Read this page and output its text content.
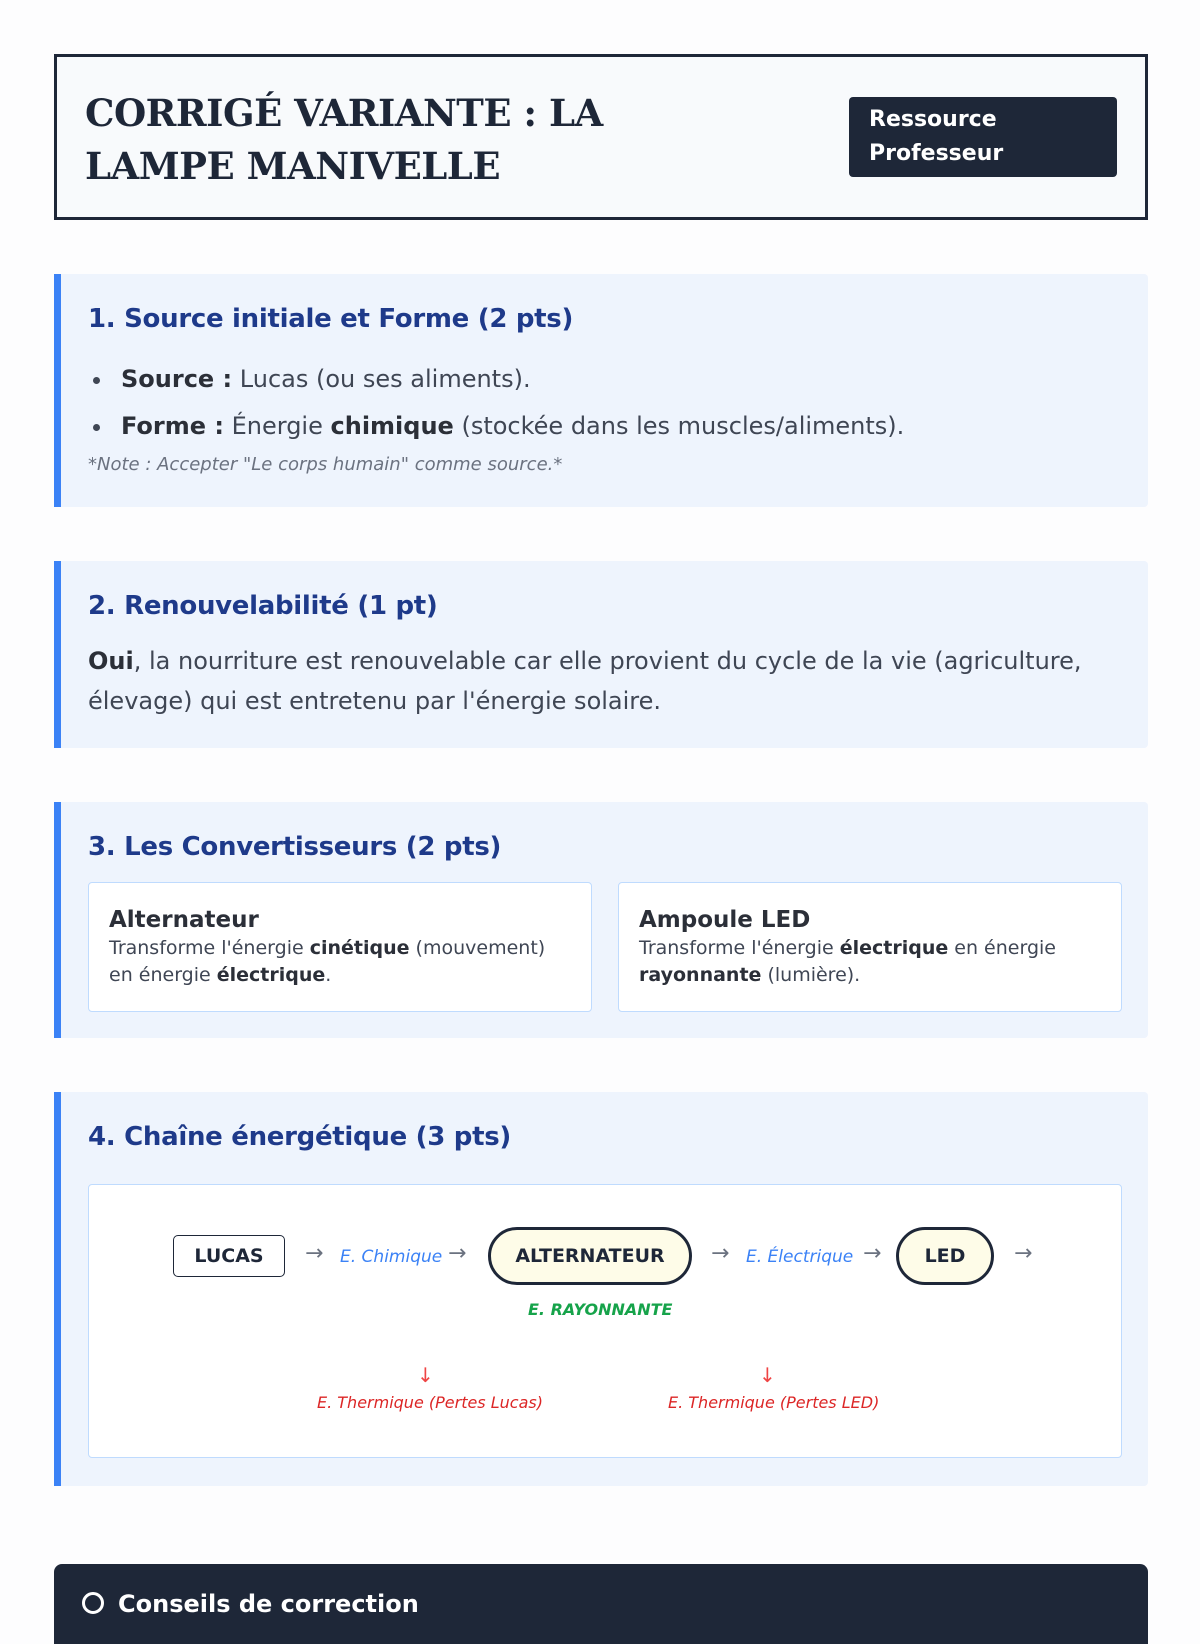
CORRIGÉ VARIANTE : LA LAMPE MANIVELLE
Ressource Professeur
1. Source initiale et Forme (2 pts)
Source : Lucas (ou ses aliments).
Forme : Énergie chimique (stockée dans les muscles/aliments).
*Note : Accepter "Le corps humain" comme source.*
2. Renouvelabilité (1 pt)

Oui, la nourriture est renouvelable car elle provient du cycle de la vie (agriculture, élevage) qui est entretenu par l'énergie solaire.

3. Les Convertisseurs (2 pts)
Alternateur
Transforme l'énergie cinétique (mouvement) en énergie électrique.
Ampoule LED
Transforme l'énergie électrique en énergie rayonnante (lumière).
4. Chaîne énergétique (3 pts)
LUCAS	→ E. Chimique →	ALTERNATEUR	→ E. Électrique →	LED	→
E. RAYONNANTE
↓
E. Thermique (Pertes Lucas)
↓
E. Thermique (Pertes LED)
Conseils de correction
